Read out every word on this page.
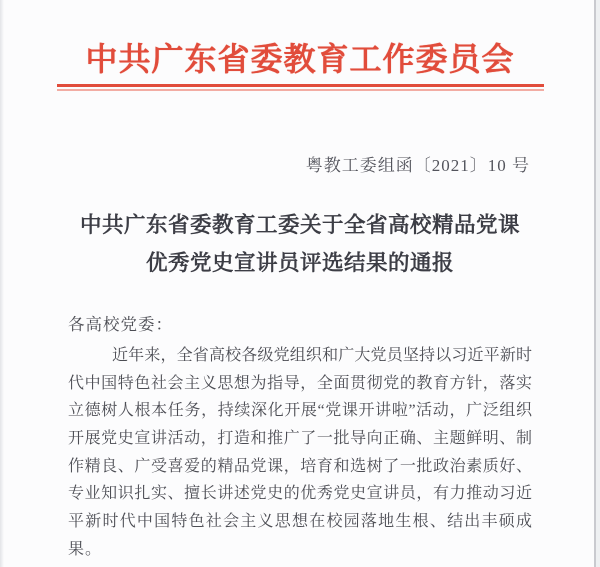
中共广东省委教育工作委员会
粤教工委组函〔2021〕10 号
中共广东省委教育工委关于全省高校精品党课
优秀党史宣讲员评选结果的通报
各高校党委：
近年来，全省高校各级党组织和广大党员坚持以习近平新时
代中国特色社会主义思想为指导，全面贯彻党的教育方针，落实
立德树人根本任务，持续深化开展“党课开讲啦”活动，广泛组织
开展党史宣讲活动，打造和推广了一批导向正确、主题鲜明、制
作精良、广受喜爱的精品党课，培育和选树了一批政治素质好、
专业知识扎实、擅长讲述党史的优秀党史宣讲员，有力推动习近
平新时代中国特色社会主义思想在校园落地生根、结出丰硕成
果。
